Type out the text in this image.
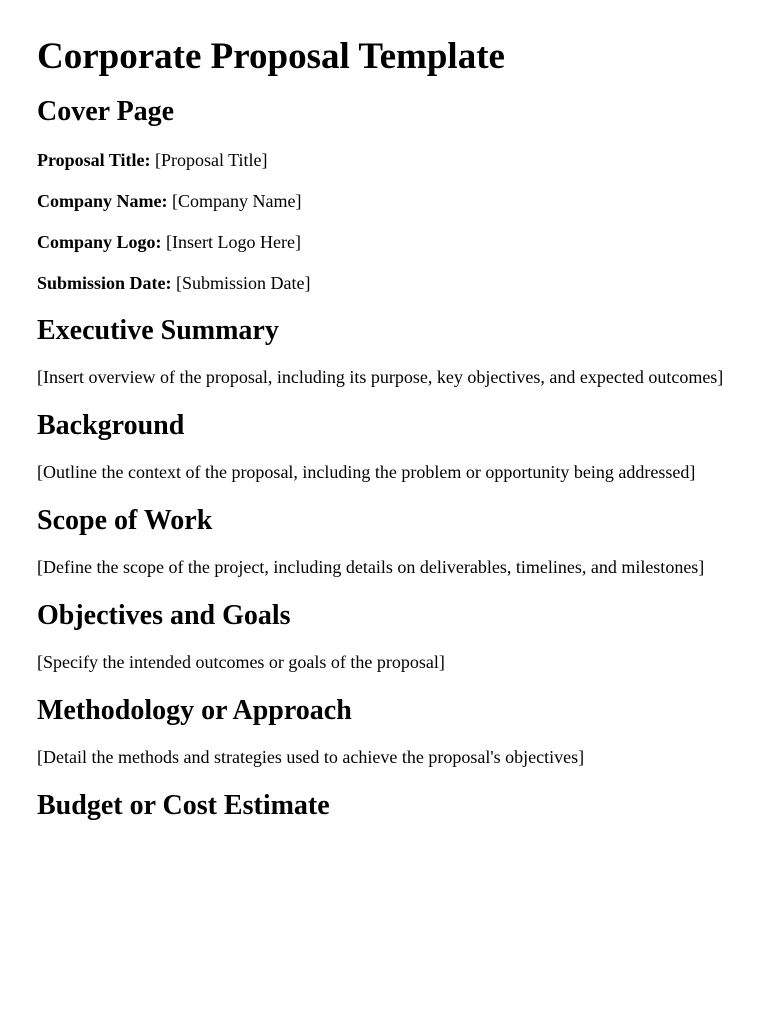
Corporate Proposal Template
Cover Page

Proposal Title: [Proposal Title]

Company Name: [Company Name]

Company Logo: [Insert Logo Here]

Submission Date: [Submission Date]

Executive Summary

[Insert overview of the proposal, including its purpose, key objectives, and expected outcomes]

Background

[Outline the context of the proposal, including the problem or opportunity being addressed]

Scope of Work

[Define the scope of the project, including details on deliverables, timelines, and milestones]

Objectives and Goals

[Specify the intended outcomes or goals of the proposal]

Methodology or Approach

[Detail the methods and strategies used to achieve the proposal's objectives]

Budget or Cost Estimate
